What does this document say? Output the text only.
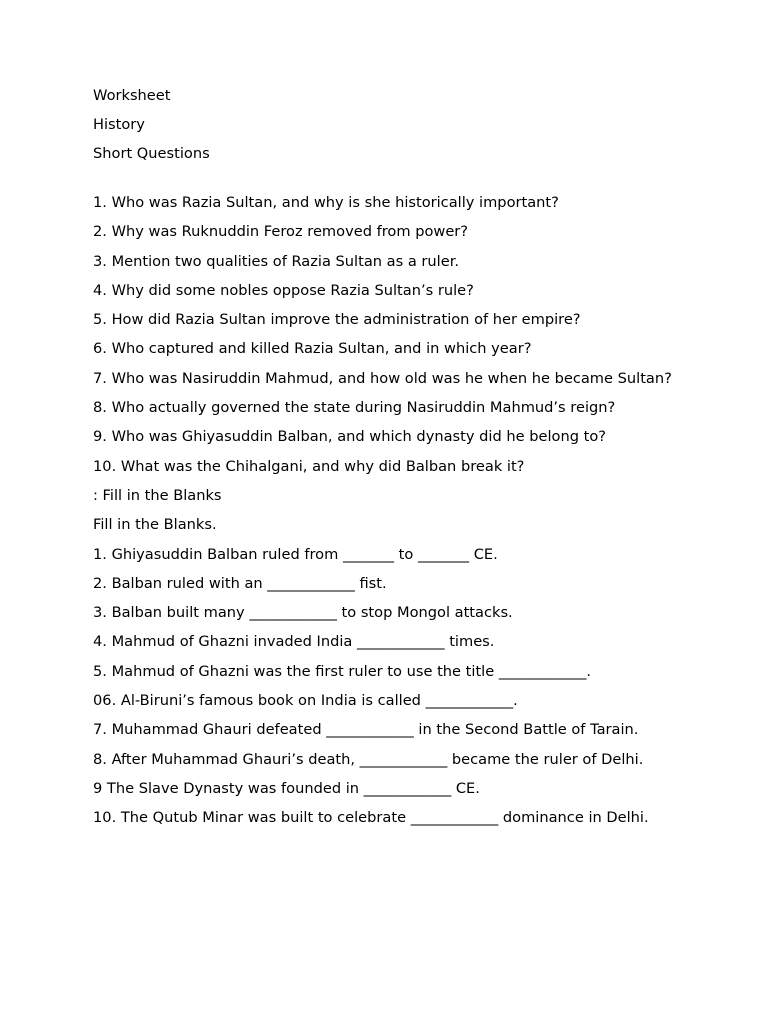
Worksheet

History

Short Questions

1. Who was Razia Sultan, and why is she historically important?

2. Why was Ruknuddin Feroz removed from power?

3. Mention two qualities of Razia Sultan as a ruler.

4. Why did some nobles oppose Razia Sultan’s rule?

5. How did Razia Sultan improve the administration of her empire?

6. Who captured and killed Razia Sultan, and in which year?

7. Who was Nasiruddin Mahmud, and how old was he when he became Sultan?

8. Who actually governed the state during Nasiruddin Mahmud’s reign?

9. Who was Ghiyasuddin Balban, and which dynasty did he belong to?

10. What was the Chihalgani, and why did Balban break it?

: Fill in the Blanks

Fill in the Blanks.

1. Ghiyasuddin Balban ruled from _______ to _______ CE.

2. Balban ruled with an ____________ fist.

3. Balban built many ____________ to stop Mongol attacks.

4. Mahmud of Ghazni invaded India ____________ times.

5. Mahmud of Ghazni was the first ruler to use the title ____________.

06. Al-Biruni’s famous book on India is called ____________.

7. Muhammad Ghauri defeated ____________ in the Second Battle of Tarain.

8. After Muhammad Ghauri’s death, ____________ became the ruler of Delhi.

9 The Slave Dynasty was founded in ____________ CE.

10. The Qutub Minar was built to celebrate ____________ dominance in Delhi.
